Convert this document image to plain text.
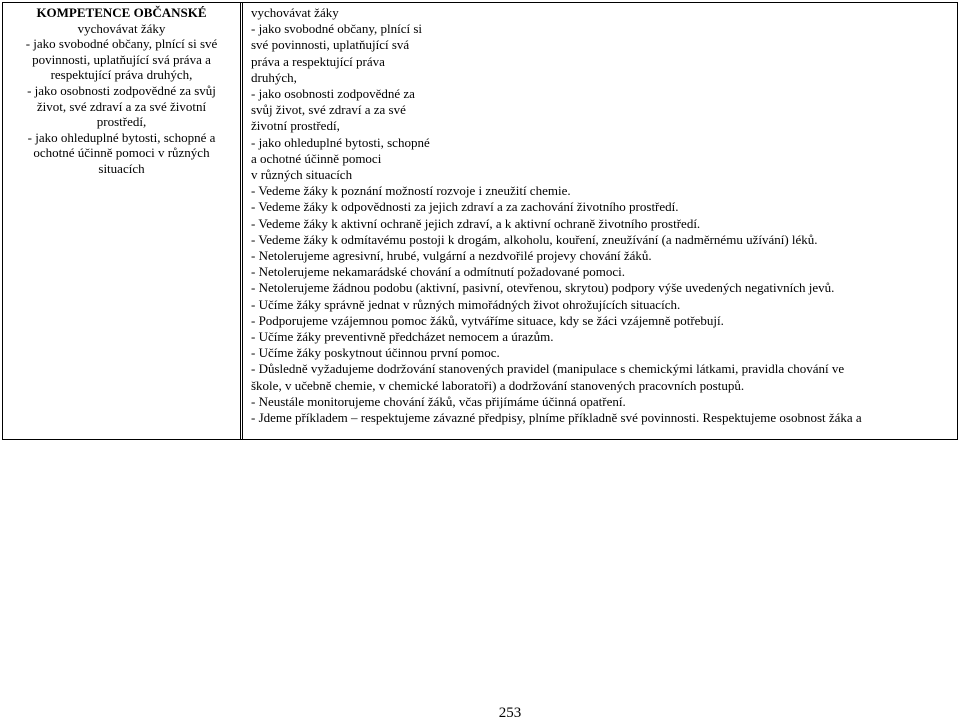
KOMPETENCE OBČANSKÉ
vychovávat žáky
- jako svobodné občany, plnící si své
povinnosti, uplatňující svá práva a
respektující práva druhých,
- jako osobnosti zodpovědné za svůj
život, své zdraví a za své životní
prostředí,
- jako ohleduplné bytosti, schopné a
ochotné účinně pomoci v různých
situacích
vychovávat žáky
- jako svobodné občany, plnící si
své povinnosti, uplatňující svá
práva a respektující práva
druhých,
- jako osobnosti zodpovědné za
svůj život, své zdraví a za své
životní prostředí,
- jako ohleduplné bytosti, schopné
a ochotné účinně pomoci
v různých situacích
- Vedeme žáky k poznání možností rozvoje i zneužití chemie.
- Vedeme žáky k odpovědnosti za jejich zdraví a za zachování životního prostředí.
- Vedeme žáky k aktivní ochraně jejich zdraví, a k aktivní ochraně životního prostředí.
- Vedeme žáky k odmítavému postoji k drogám, alkoholu, kouření, zneužívání (a nadměrnému užívání) léků.
- Netolerujeme agresivní, hrubé, vulgární a nezdvořilé projevy chování žáků.
- Netolerujeme nekamarádské chování a odmítnutí požadované pomoci.
- Netolerujeme žádnou podobu (aktivní, pasivní, otevřenou, skrytou) podpory výše uvedených negativních jevů.
- Učíme žáky správně jednat v různých mimořádných život ohrožujících situacích.
- Podporujeme vzájemnou pomoc žáků, vytváříme situace, kdy se žáci vzájemně potřebují.
- Učíme žáky preventivně předcházet nemocem a úrazům.
- Učíme žáky poskytnout účinnou první pomoc.
- Důsledně vyžadujeme dodržování stanovených pravidel (manipulace s chemickými látkami, pravidla chování ve
škole, v učebně chemie, v chemické laboratoři) a dodržování stanovených pracovních postupů.
- Neustále monitorujeme chování žáků, včas přijímáme účinná opatření.
- Jdeme příkladem – respektujeme závazné předpisy, plníme příkladně své povinnosti. Respektujeme osobnost žáka a
253
